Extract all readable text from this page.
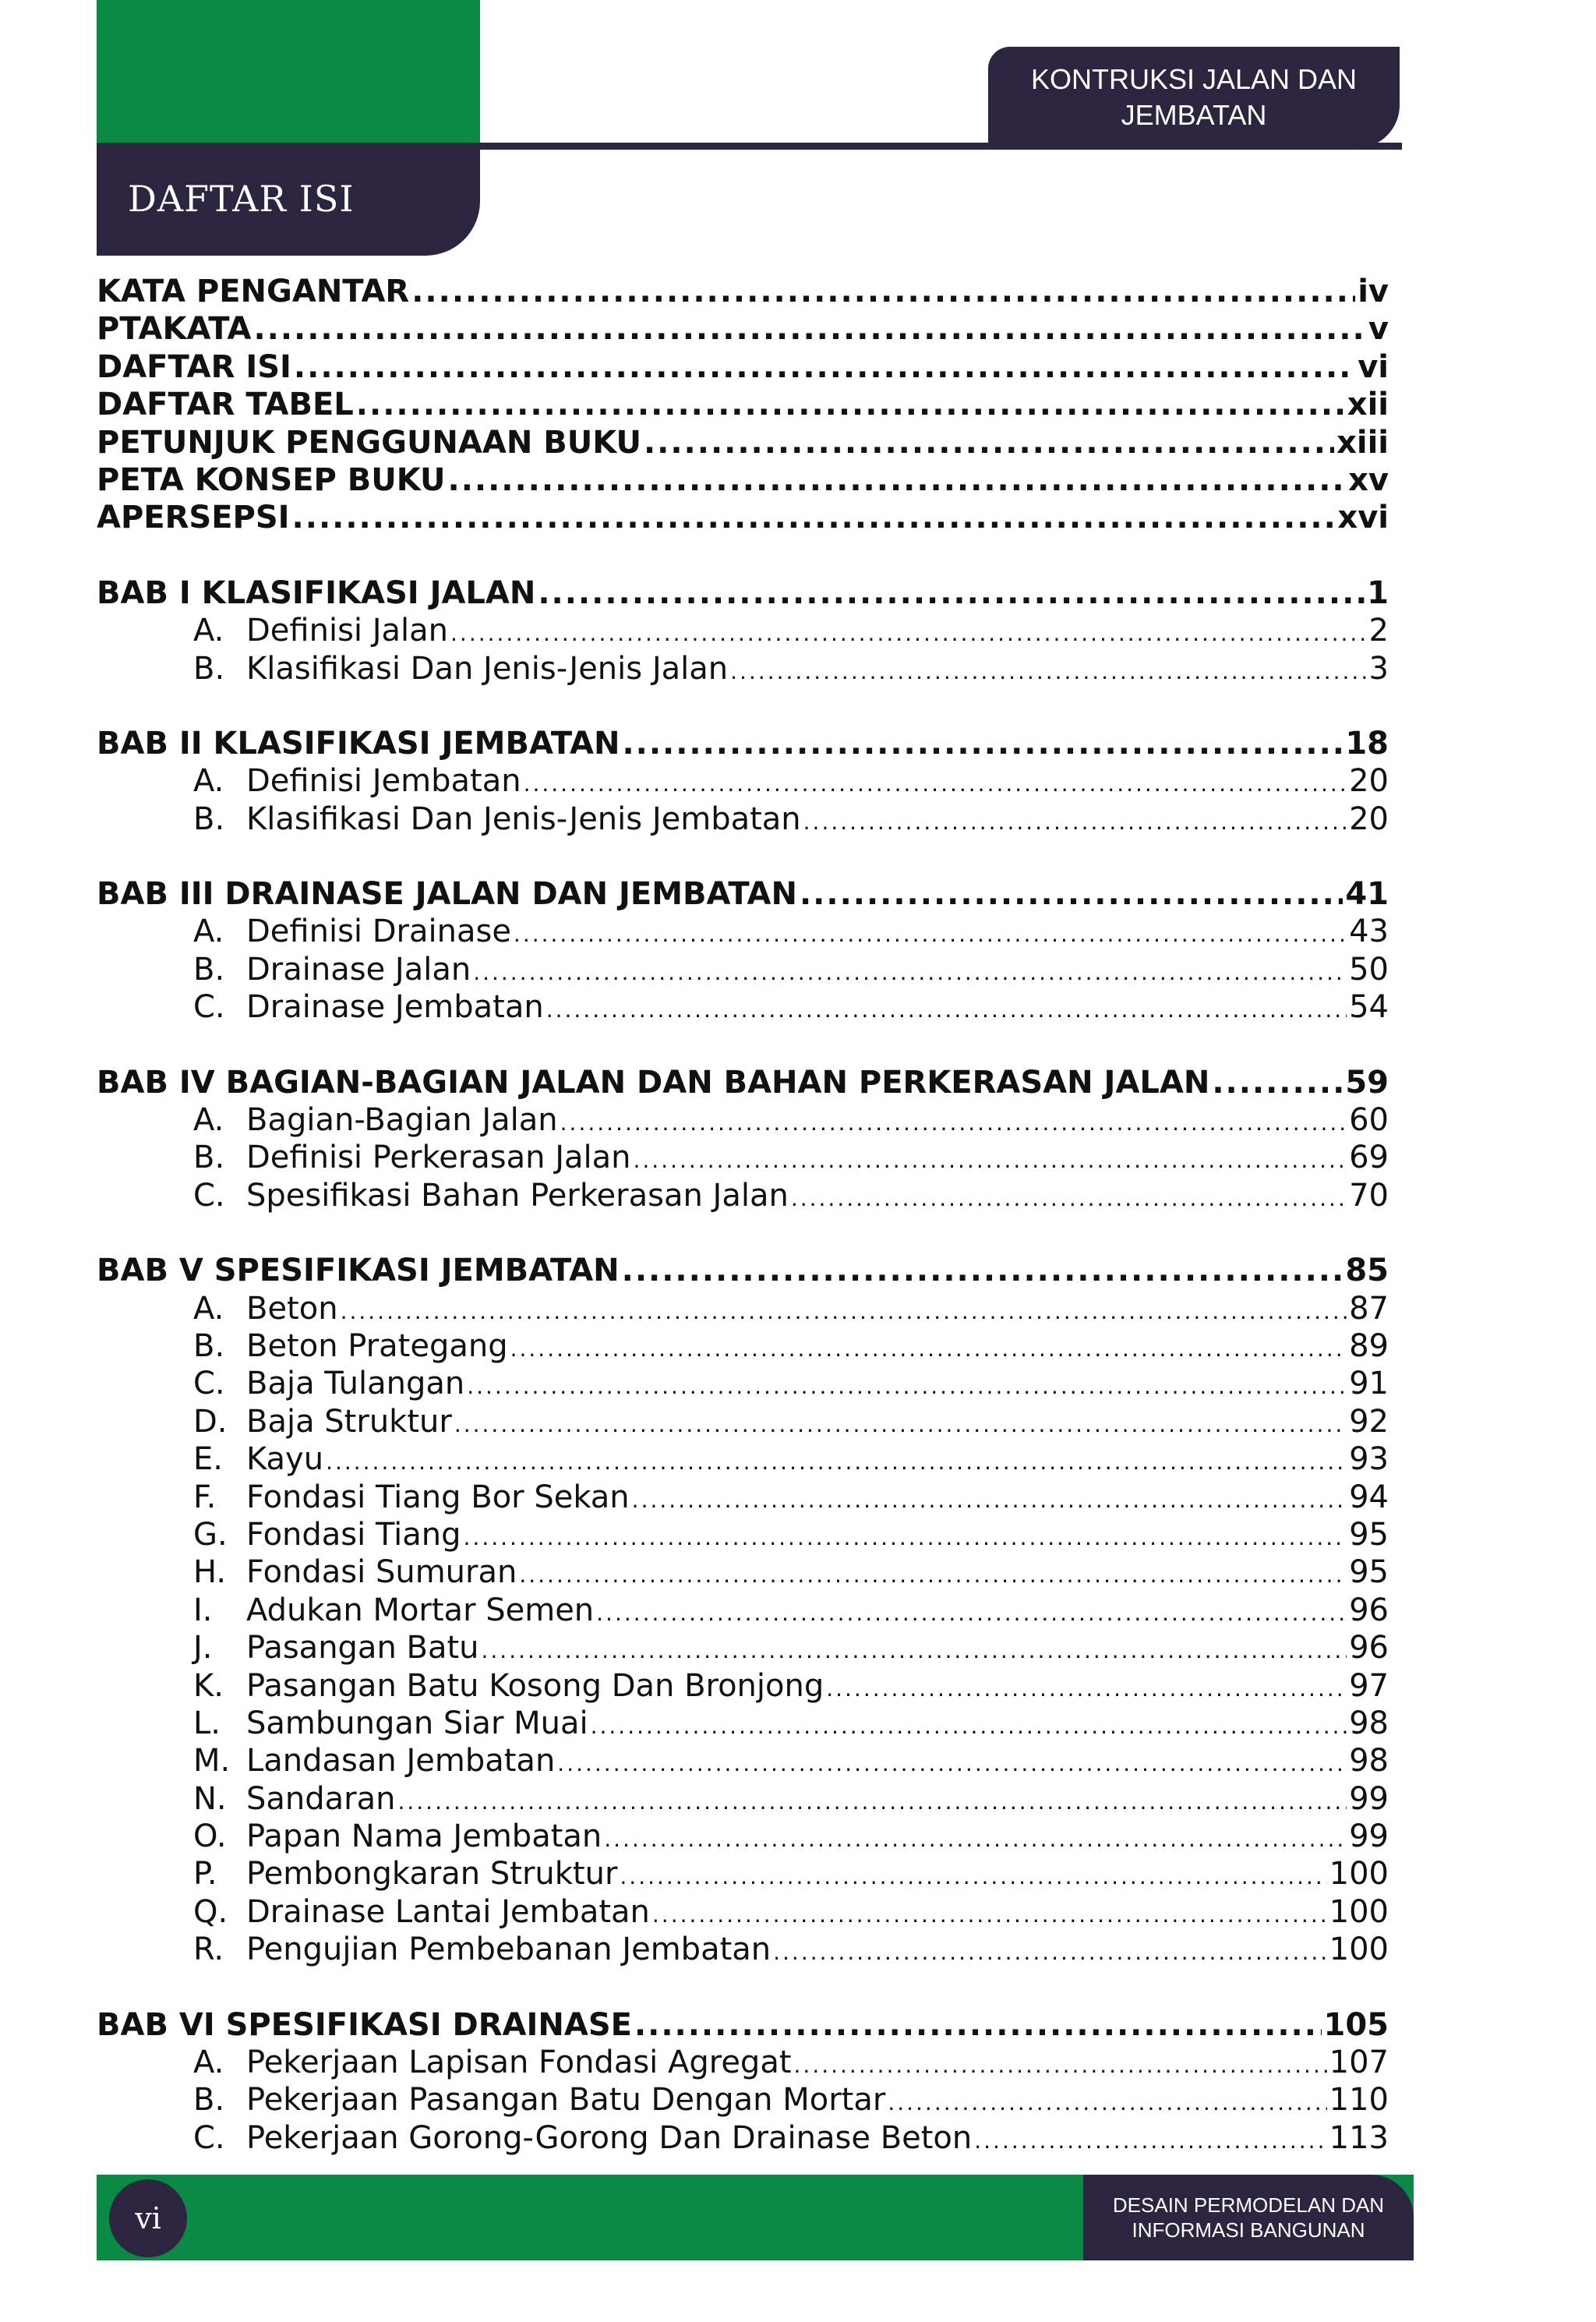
DAFTAR ISI
KONTRUKSI JALAN DAN
JEMBATAN
KATA PENGANTAR .....	iv
PTAKATA .....	v
DAFTAR ISI .....	vi
DAFTAR TABEL .....	xii
PETUNJUK PENGGUNAAN BUKU .....	xiii
PETA KONSEP BUKU .....	xv
APERSEPSI .....	xvi
BAB I KLASIFIKASI JALAN .....	1
A. Definisi Jalan .....	2
B. Klasifikasi Dan Jenis-Jenis Jalan .....	3
BAB II KLASIFIKASI JEMBATAN .....	18
A. Definisi Jembatan .....	20
B. Klasifikasi Dan Jenis-Jenis Jembatan .....	20
BAB III DRAINASE JALAN DAN JEMBATAN .....	41
A. Definisi Drainase .....	43
B. Drainase Jalan .....	50
C. Drainase Jembatan .....	54
BAB IV BAGIAN-BAGIAN JALAN DAN BAHAN PERKERASAN JALAN .....	59
A. Bagian-Bagian Jalan .....	60
B. Definisi Perkerasan Jalan .....	69
C. Spesifikasi Bahan Perkerasan Jalan .....	70
BAB V SPESIFIKASI JEMBATAN .....	85
A. Beton .....	87
B. Beton Prategang .....	89
C. Baja Tulangan .....	91
D. Baja Struktur .....	92
E. Kayu .....	93
F. Fondasi Tiang Bor Sekan .....	94
G. Fondasi Tiang .....	95
H. Fondasi Sumuran .....	95
I.	Adukan Mortar Semen .....	96
J.	Pasangan Batu .....	96
K. Pasangan Batu Kosong Dan Bronjong .....	97
L. Sambungan Siar Muai .....	98
M. Landasan Jembatan .....	98
N. Sandaran .....	99
O. Papan Nama Jembatan .....	99
P. Pembongkaran Struktur .....	100
Q. Drainase Lantai Jembatan .....	100
R. Pengujian Pembebanan Jembatan .....	100
BAB VI SPESIFIKASI DRAINASE .....	105
A. Pekerjaan Lapisan Fondasi Agregat .....	107
B. Pekerjaan Pasangan Batu Dengan Mortar .....	110
C. Pekerjaan Gorong-Gorong Dan Drainase Beton .....	113
DESAIN PERMODELAN DAN
INFORMASI BANGUNAN
vi
